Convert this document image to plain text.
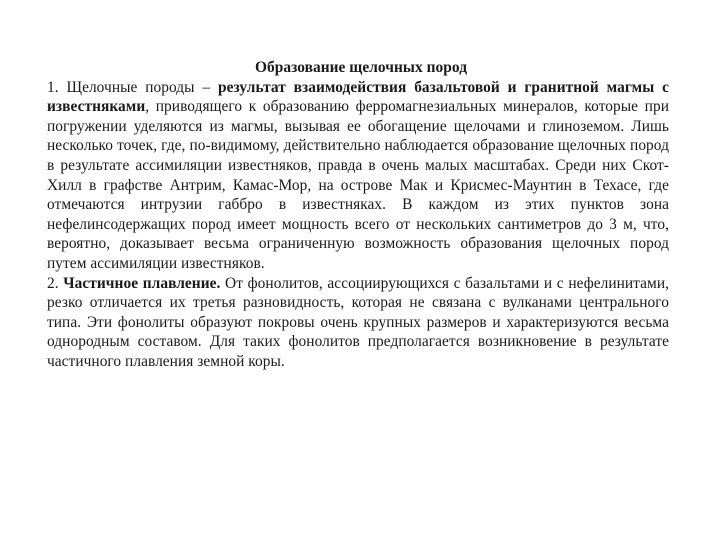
Образование щелочных пород

1. Щелочные породы – результат взаимодействия базальтовой и гранитной магмы с известняками, приводящего к образованию ферромагнезиальных минералов, которые при погружении уделяются из магмы, вызывая ее обогащение щелочами и глиноземом. Лишь несколько точек, где, по-видимому, действительно наблюдается образование щелочных пород в результате ассимиляции известняков, правда в очень малых масштабах. Среди них Скот-Хилл в графстве Антрим, Камас-Мор, на острове Мак и Крисмес-Маунтин в Техасе, где отмечаются интрузии габбро в известняках. В каждом из этих пунктов зона нефелинсодержащих пород имеет мощность всего от нескольких сантиметров до 3 м, что, вероятно, доказывает весьма ограниченную возможность образования щелочных пород путем ассимиляции известняков.

2. Частичное плавление. От фонолитов, ассоциирующихся с базальтами и с нефелинитами, резко отличается их третья разновидность, которая не связана с вулканами центрального типа. Эти фонолиты образуют покровы очень крупных размеров и характеризуются весьма однородным составом. Для таких фонолитов предполагается возникновение в результате частичного плавления земной коры.
